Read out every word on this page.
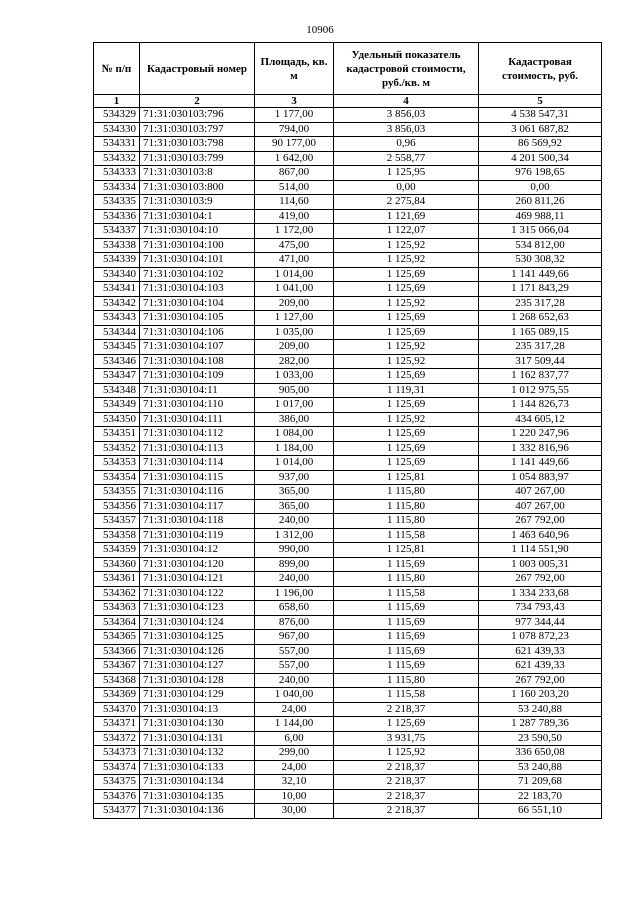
10906
№ п/п	Кадастровый номер	Площадь, кв. м	Удельный показатель кадастровой стоимости, руб./кв. м	Кадастровая стоимость, руб.
1	2	3	4	5
534329	71:31:030103:796	1 177,00	3 856,03	4 538 547,31
534330	71:31:030103:797	794,00	3 856,03	3 061 687,82
534331	71:31:030103:798	90 177,00	0,96	86 569,92
534332	71:31:030103:799	1 642,00	2 558,77	4 201 500,34
534333	71:31:030103:8	867,00	1 125,95	976 198,65
534334	71:31:030103:800	514,00	0,00	0,00
534335	71:31:030103:9	114,60	2 275,84	260 811,26
534336	71:31:030104:1	419,00	1 121,69	469 988,11
534337	71:31:030104:10	1 172,00	1 122,07	1 315 066,04
534338	71:31:030104:100	475,00	1 125,92	534 812,00
534339	71:31:030104:101	471,00	1 125,92	530 308,32
534340	71:31:030104:102	1 014,00	1 125,69	1 141 449,66
534341	71:31:030104:103	1 041,00	1 125,69	1 171 843,29
534342	71:31:030104:104	209,00	1 125,92	235 317,28
534343	71:31:030104:105	1 127,00	1 125,69	1 268 652,63
534344	71:31:030104:106	1 035,00	1 125,69	1 165 089,15
534345	71:31:030104:107	209,00	1 125,92	235 317,28
534346	71:31:030104:108	282,00	1 125,92	317 509,44
534347	71:31:030104:109	1 033,00	1 125,69	1 162 837,77
534348	71:31:030104:11	905,00	1 119,31	1 012 975,55
534349	71:31:030104:110	1 017,00	1 125,69	1 144 826,73
534350	71:31:030104:111	386,00	1 125,92	434 605,12
534351	71:31:030104:112	1 084,00	1 125,69	1 220 247,96
534352	71:31:030104:113	1 184,00	1 125,69	1 332 816,96
534353	71:31:030104:114	1 014,00	1 125,69	1 141 449,66
534354	71:31:030104:115	937,00	1 125,81	1 054 883,97
534355	71:31:030104:116	365,00	1 115,80	407 267,00
534356	71:31:030104:117	365,00	1 115,80	407 267,00
534357	71:31:030104:118	240,00	1 115,80	267 792,00
534358	71:31:030104:119	1 312,00	1 115,58	1 463 640,96
534359	71:31:030104:12	990,00	1 125,81	1 114 551,90
534360	71:31:030104:120	899,00	1 115,69	1 003 005,31
534361	71:31:030104:121	240,00	1 115,80	267 792,00
534362	71:31:030104:122	1 196,00	1 115,58	1 334 233,68
534363	71:31:030104:123	658,60	1 115,69	734 793,43
534364	71:31:030104:124	876,00	1 115,69	977 344,44
534365	71:31:030104:125	967,00	1 115,69	1 078 872,23
534366	71:31:030104:126	557,00	1 115,69	621 439,33
534367	71:31:030104:127	557,00	1 115,69	621 439,33
534368	71:31:030104:128	240,00	1 115,80	267 792,00
534369	71:31:030104:129	1 040,00	1 115,58	1 160 203,20
534370	71:31:030104:13	24,00	2 218,37	53 240,88
534371	71:31:030104:130	1 144,00	1 125,69	1 287 789,36
534372	71:31:030104:131	6,00	3 931,75	23 590,50
534373	71:31:030104:132	299,00	1 125,92	336 650,08
534374	71:31:030104:133	24,00	2 218,37	53 240,88
534375	71:31:030104:134	32,10	2 218,37	71 209,68
534376	71:31:030104:135	10,00	2 218,37	22 183,70
534377	71:31:030104:136	30,00	2 218,37	66 551,10
